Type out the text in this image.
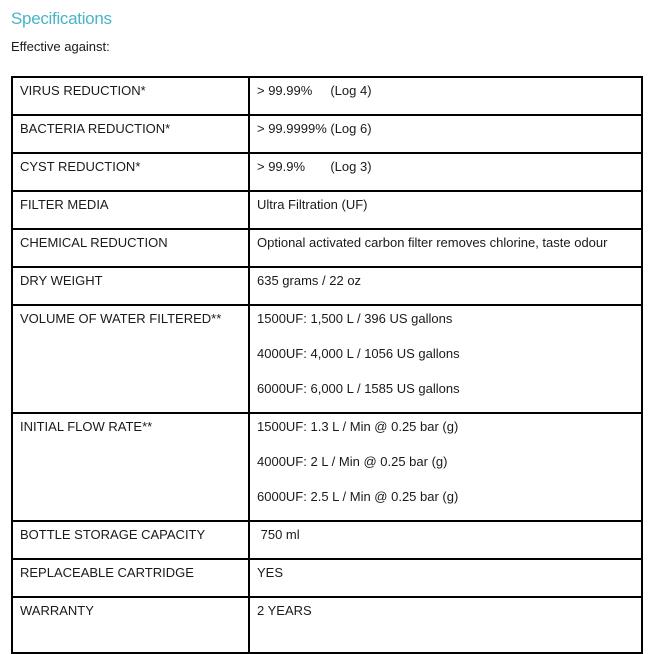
Specifications
Effective against:
VIRUS REDUCTION*	> 99.99%     (Log 4)

BACTERIA REDUCTION*	> 99.9999% (Log 6)

CYST REDUCTION*	> 99.9%       (Log 3)

FILTER MEDIA	Ultra Filtration (UF)

CHEMICAL REDUCTION	Optional activated carbon filter removes chlorine, taste odour

DRY WEIGHT	635 grams / 22 oz

VOLUME OF WATER FILTERED**	1500UF: 1,500 L / 396 US gallons
4000UF: 4,000 L / 1056 US gallons
6000UF: 6,000 L / 1585 US gallons

INITIAL FLOW RATE**	1500UF: 1.3 L / Min @ 0.25 bar (g)
4000UF: 2 L / Min @ 0.25 bar (g)
6000UF: 2.5 L / Min @ 0.25 bar (g)

BOTTLE STORAGE CAPACITY	750 ml

REPLACEABLE CARTRIDGE	YES

WARRANTY	2 YEARS
